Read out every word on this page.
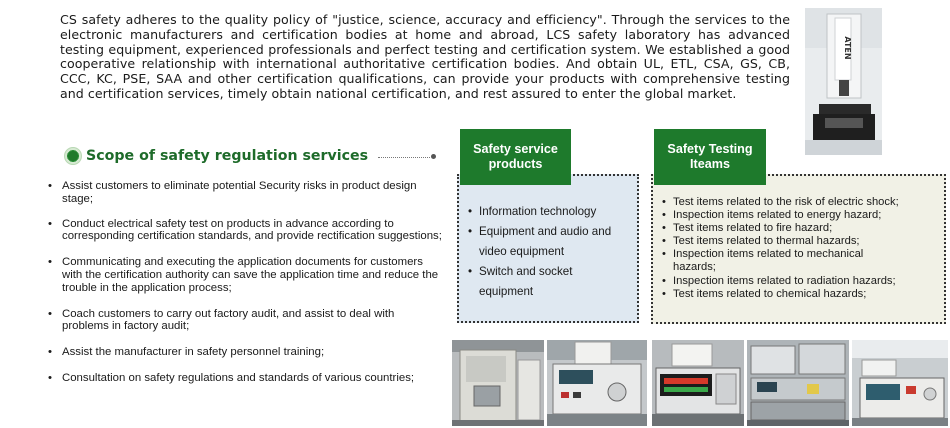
CS safety adheres to the quality policy of "justice, science, accuracy and efficiency". Through the services to the electronic manufacturers and certification bodies at home and abroad, LCS safety laboratory has advanced testing equipment, experienced professionals and perfect testing and certification system. We established a good cooperative relationship with international authoritative certification bodies. And obtain UL, ETL, CSA, GS, CB, CCC, KC, PSE, SAA and other certification qualifications, can provide your products with comprehensive testing and certification services, timely obtain national certification, and rest assured to enter the global market.

ATEN
Scope of safety regulation services
• Assist customers to eliminate potential Security risks in product design stage;
• Conduct electrical safety test on products in advance according to corresponding certification standards, and provide rectification suggestions;
• Communicating and executing the application documents for customers with the certification authority can save the application time and reduce the trouble in the application process;
• Coach customers to carry out factory audit, and assist to deal with problems in factory audit;
• Assist the manufacturer in safety personnel training;
• Consultation on safety regulations and standards of various countries;
• Information technology
• Equipment and audio and video equipment
• Switch and socket equipment
Safety service products
• Test items related to the risk of electric shock;
• Inspection items related to energy hazard;
• Test items related to fire hazard;
• Test items related to thermal hazards;
• Inspection items related to mechanical hazards;
• Inspection items related to radiation hazards;
• Test items related to chemical hazards;
Safety Testing Iteams
